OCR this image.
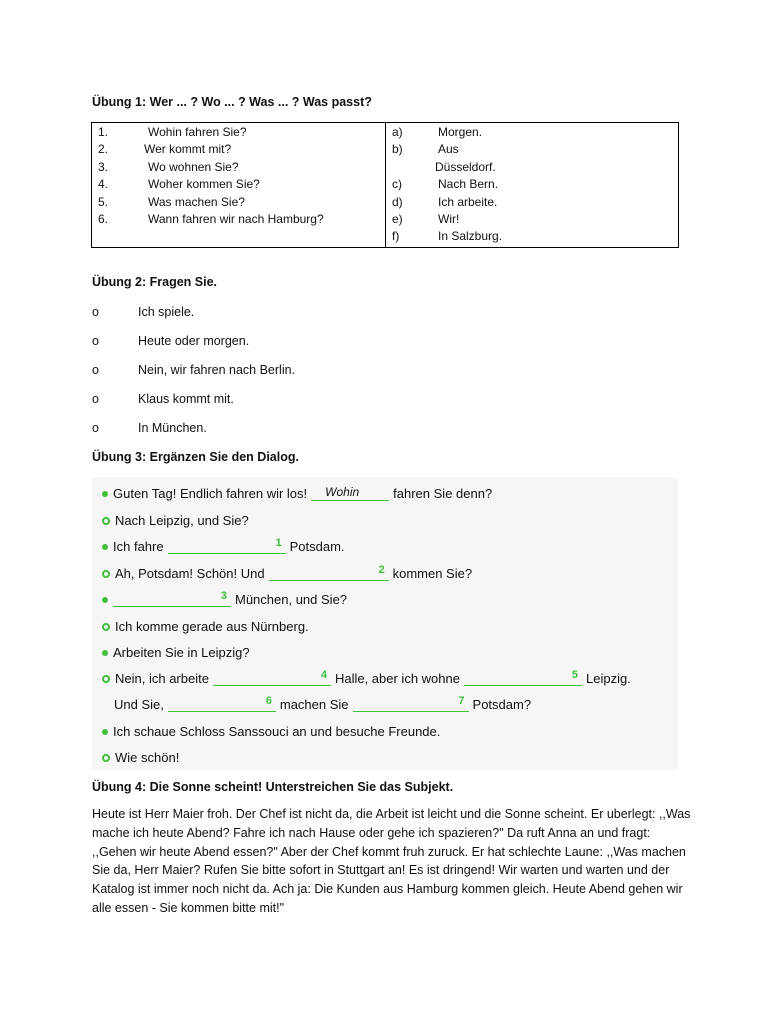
Übung 1: Wer ... ? Wo ... ? Was ... ? Was passt?
1.	Wohin fahren Sie?
2.	Wer kommt mit?
3.	Wo wohnen Sie?
4.	Woher kommen Sie?
5.	Was machen Sie?
6.	Wann fahren wir nach Hamburg?

a)	Morgen.
b)	Aus
Düsseldorf.
c)	Nach Bern.
d)	Ich arbeite.
e)	Wir!
f)	In Salzburg.
Übung 2: Fragen Sie.
o	Ich spiele.
o	Heute oder morgen.
o	Nein, wir fahren nach Berlin.
o	Klaus kommt mit.
o	In München.
Übung 3: Ergänzen Sie den Dialog.
Guten Tag! Endlich fahren wir los! Wohin	fahren Sie denn?
Nach Leipzig, und Sie?
Ich fahre	1 Potsdam.
Ah, Potsdam! Schön! Und	2 kommen Sie?
3 München, und Sie?
Ich komme gerade aus Nürnberg.
Arbeiten Sie in Leipzig?
Nein, ich arbeite	4 Halle, aber ich wohne	5 Leipzig.
Und Sie,	6 machen Sie	7 Potsdam?
Ich schaue Schloss Sanssouci an und besuche Freunde.
Wie schön!
Übung 4: Die Sonne scheint! Unterstreichen Sie das Subjekt.
Heute ist Herr Maier froh. Der Chef ist nicht da, die Arbeit ist leicht und die Sonne scheint. Er uberlegt: ,,Was mache ich heute Abend? Fahre ich nach Hause oder gehe ich spazieren?" Da ruft Anna an und fragt: ,,Gehen wir heute Abend essen?" Aber der Chef kommt fruh zuruck. Er hat schlechte Laune: ,,Was machen Sie da, Herr Maier? Rufen Sie bitte sofort in Stuttgart an! Es ist dringend! Wir warten und warten und der Katalog ist immer noch nicht da. Ach ja: Die Kunden aus Hamburg kommen gleich. Heute Abend gehen wir alle essen - Sie kommen bitte mit!"
